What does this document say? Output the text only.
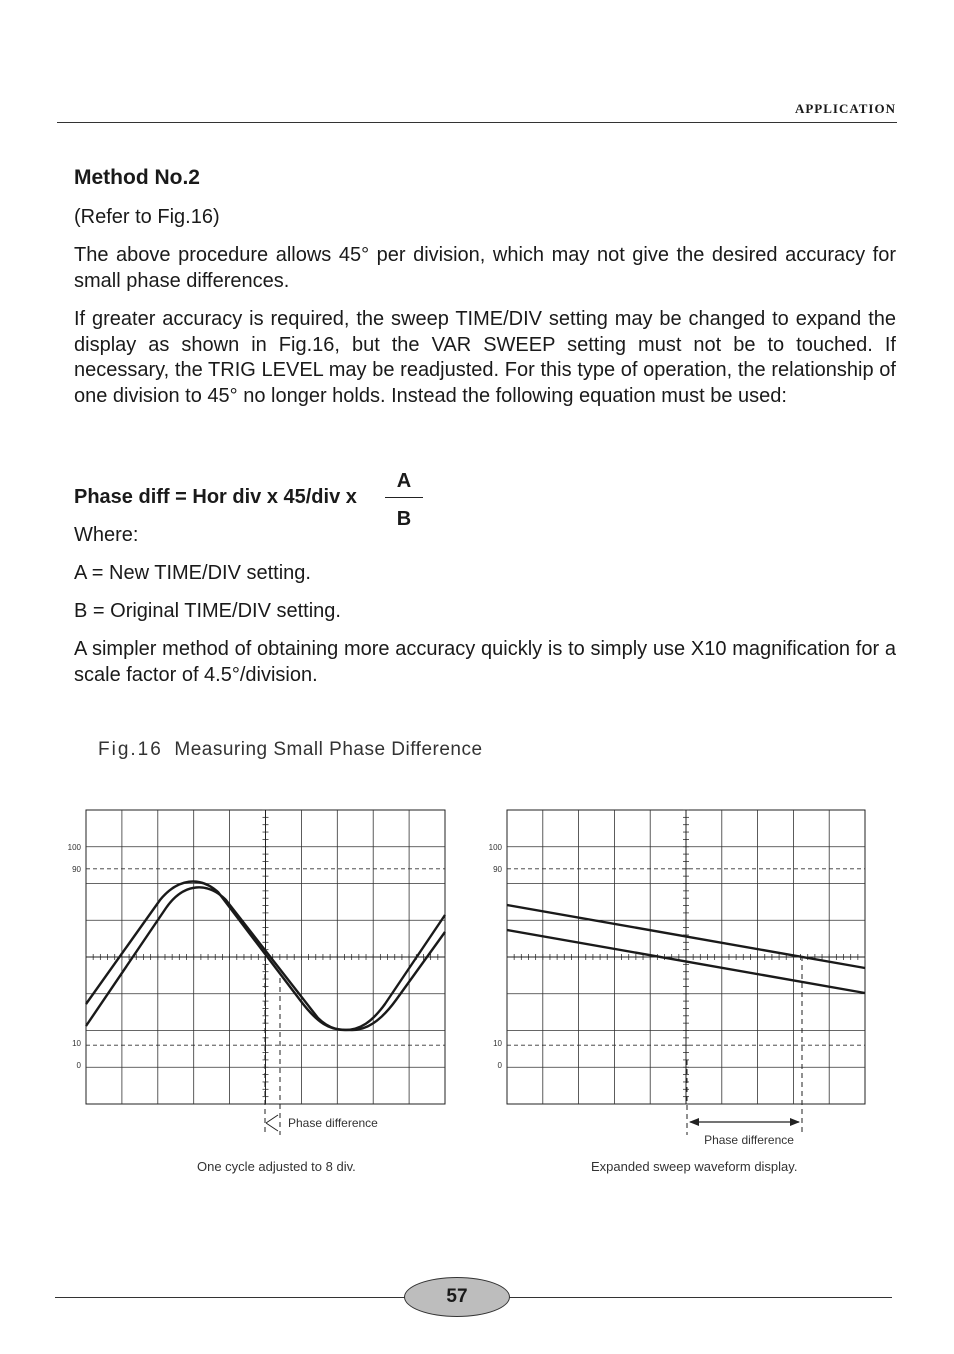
APPLICATION
Method No.2
(Refer to Fig.16)
The above procedure allows 45° per division, which may not give the desired accuracy for small phase differences.
If greater accuracy is required, the sweep TIME/DIV setting may be changed to expand the display as shown in Fig.16, but the VAR SWEEP setting must not be to touched. If necessary, the TRIG LEVEL may be readjusted. For this type of operation, the relationship of one division to 45° no longer holds. Instead the following equation must be used:
Phase diff = Hor div x 45/div x
A
B
Where:
A = New TIME/DIV setting.
B = Original TIME/DIV setting.
A simpler method of obtaining more accuracy quickly is to simply use X10 magnification for a scale factor of 4.5°/division.
Fig.16 Measuring Small Phase Difference
100
90
10
0
100
90
10
0
Phase difference
Phase difference
One cycle adjusted to 8 div.	Expanded sweep waveform display.
57
